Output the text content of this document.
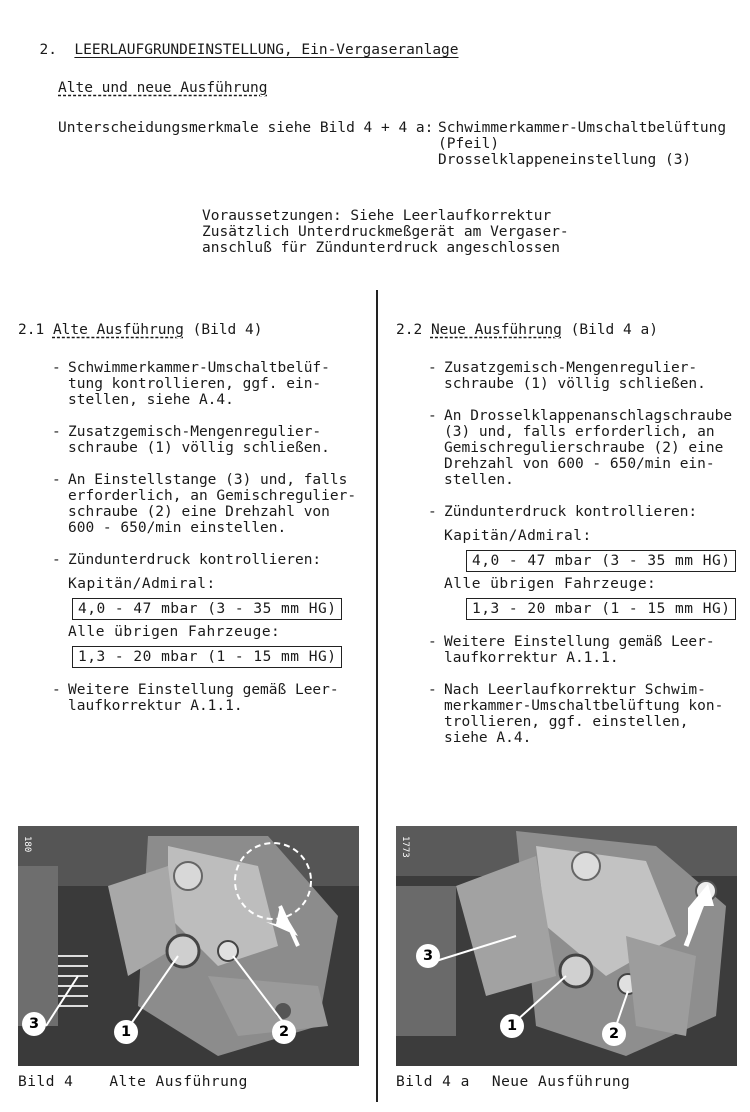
2. LEERLAUFGRUNDEINSTELLUNG, Ein-Vergaseranlage

Alte und neue Ausführung
Unterscheidungsmerkmale siehe Bild 4 + 4 a: Schwimmerkammer-Umschaltbelüftung
(Pfeil)
Drosselklappeneinstellung (3)
Voraussetzungen: Siehe Leerlaufkorrektur
Zusätzlich Unterdruckmeßgerät am Vergaser-
anschluß für Zündunterdruck angeschlossen
2.1 Alte Ausführung (Bild 4)
- Schwimmerkammer-Umschaltbelüf-
tung kontrollieren, ggf. ein-
stellen, siehe A.4.
- Zusatzgemisch-Mengenregulier-
schraube (1) völlig schließen.
- An Einstellstange (3) und, falls
erforderlich, an Gemischregulier-
schraube (2) eine Drehzahl von
600 - 650/min einstellen.
- Zündunterdruck kontrollieren:
Kapitän/Admiral:
4,0 - 47 mbar (3 - 35 mm HG)
Alle übrigen Fahrzeuge:
1,3 - 20 mbar (1 - 15 mm HG)
- Weitere Einstellung gemäß Leer-
laufkorrektur A.1.1.
2.2 Neue Ausführung (Bild 4 a)
- Zusatzgemisch-Mengenregulier-
schraube (1) völlig schließen.
- An Drosselklappenanschlagschraube
(3) und, falls erforderlich, an
Gemischregulierschraube (2) eine
Drehzahl von 600 - 650/min ein-
stellen.
- Zündunterdruck kontrollieren:
Kapitän/Admiral:
4,0 - 47 mbar (3 - 35 mm HG)
Alle übrigen Fahrzeuge:
1,3 - 20 mbar (1 - 15 mm HG)
- Weitere Einstellung gemäß Leer-
laufkorrektur A.1.1.
- Nach Leerlaufkorrektur Schwim-
merkammer-Umschaltbelüftung kon-
trollieren, ggf. einstellen,
siehe A.4.
180
3	1	2
Bild 4 Alte Ausführung
1773
3
1	2
Bild 4 a Neue Ausführung
